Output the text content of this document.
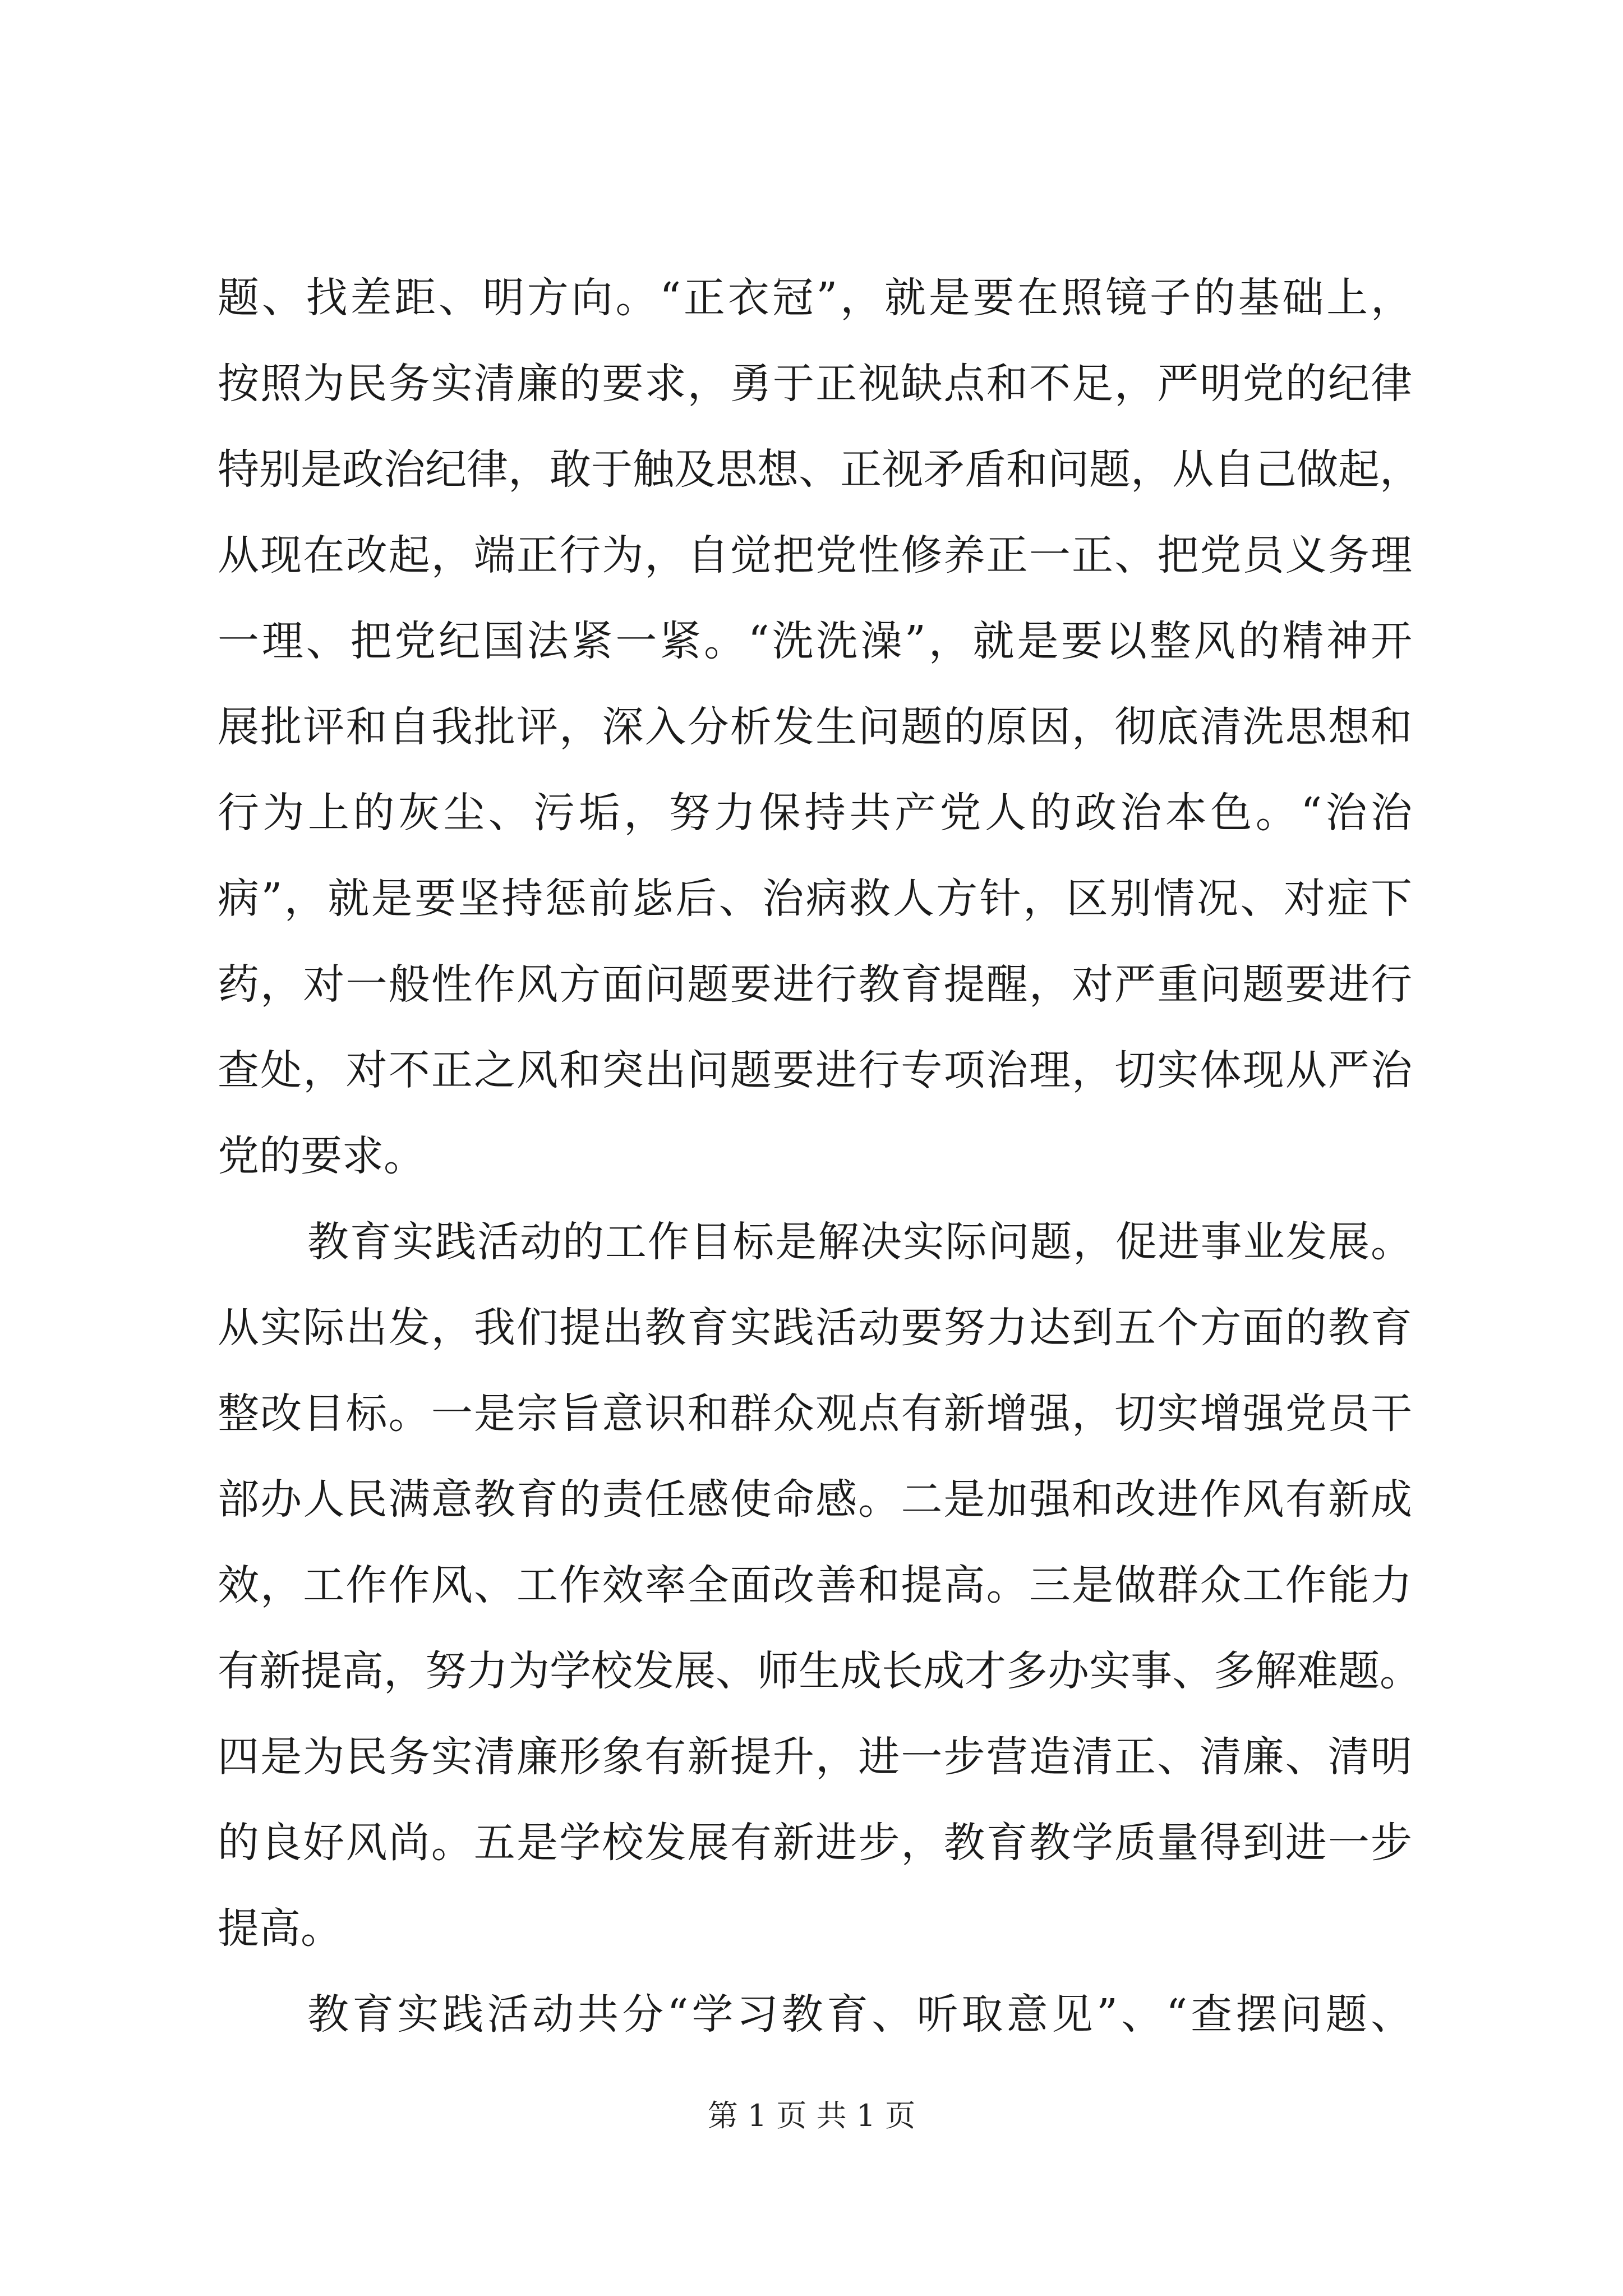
题、找差距、明方向。“正衣冠”，就是要在照镜子的基础上，
按照为民务实清廉的要求，勇于正视缺点和不足，严明党的纪律
特别是政治纪律，敢于触及思想、正视矛盾和问题，从自己做起，
从现在改起，端正行为，自觉把党性修养正一正、把党员义务理
一理、把党纪国法紧一紧。“洗洗澡”，就是要以整风的精神开
展批评和自我批评，深入分析发生问题的原因，彻底清洗思想和
行为上的灰尘、污垢，努力保持共产党人的政治本色。“治治
病”，就是要坚持惩前毖后、治病救人方针，区别情况、对症下
药，对一般性作风方面问题要进行教育提醒，对严重问题要进行
查处，对不正之风和突出问题要进行专项治理，切实体现从严治
党的要求。
教育实践活动的工作目标是解决实际问题，促进事业发展。
从实际出发，我们提出教育实践活动要努力达到五个方面的教育
整改目标。一是宗旨意识和群众观点有新增强，切实增强党员干
部办人民满意教育的责任感使命感。二是加强和改进作风有新成
效，工作作风、工作效率全面改善和提高。三是做群众工作能力
有新提高，努力为学校发展、师生成长成才多办实事、多解难题。
四是为民务实清廉形象有新提升，进一步营造清正、清廉、清明
的良好风尚。五是学校发展有新进步，教育教学质量得到进一步
提高。
教育实践活动共分“学习教育、听取意见”、“查摆问题、
第 1 页 共 1 页
